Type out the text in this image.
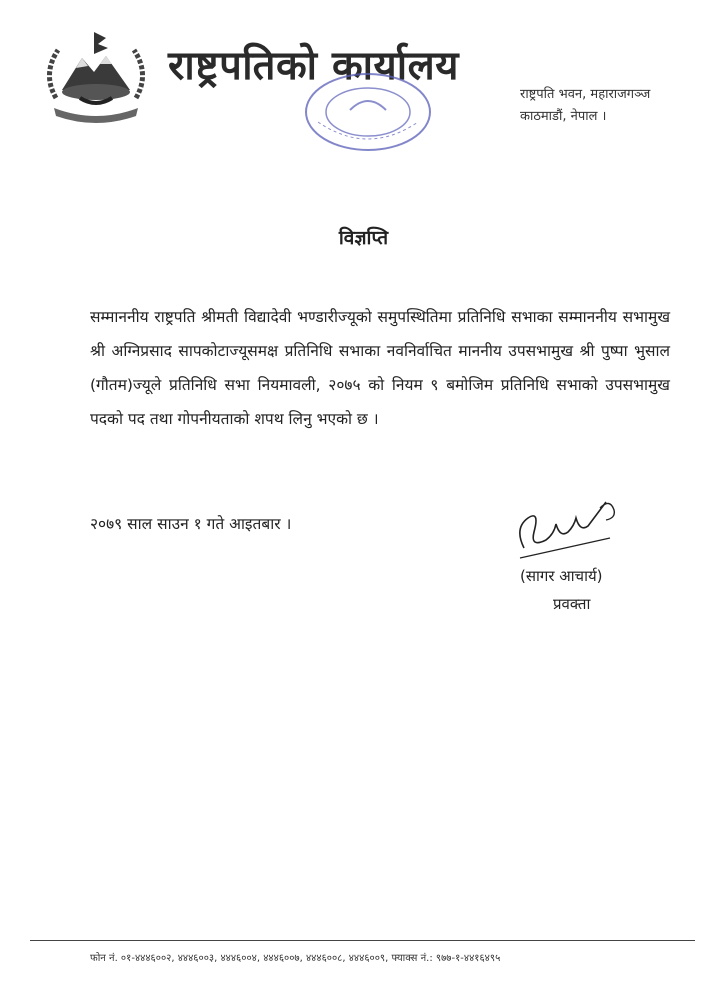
राष्ट्रपतिको कार्यालय
राष्ट्रपति भवन, महाराजगञ्ज
काठमाडौं, नेपाल ।
विज्ञप्ति
सम्माननीय राष्ट्रपति श्रीमती विद्यादेवी भण्डारीज्यूको समुपस्थितिमा प्रतिनिधि सभाका सम्माननीय सभामुख श्री अग्निप्रसाद सापकोटाज्यूसमक्ष प्रतिनिधि सभाका नवनिर्वाचित माननीय उपसभामुख श्री पुष्पा भुसाल (गौतम)ज्यूले प्रतिनिधि सभा नियमावली, २०७५ को नियम ९ बमोजिम प्रतिनिधि सभाको उपसभामुख पदको पद तथा गोपनीयताको शपथ लिनु भएको छ ।
२०७९ साल साउन १ गते आइतबार ।
(सागर आचार्य)
प्रवक्ता
फोन नं. ०१-४४४६००२, ४४४६००३, ४४४६००४, ४४४६००७, ४४४६००८, ४४४६००९, फ्याक्स नं.: ९७७-१-४४१६४९५
